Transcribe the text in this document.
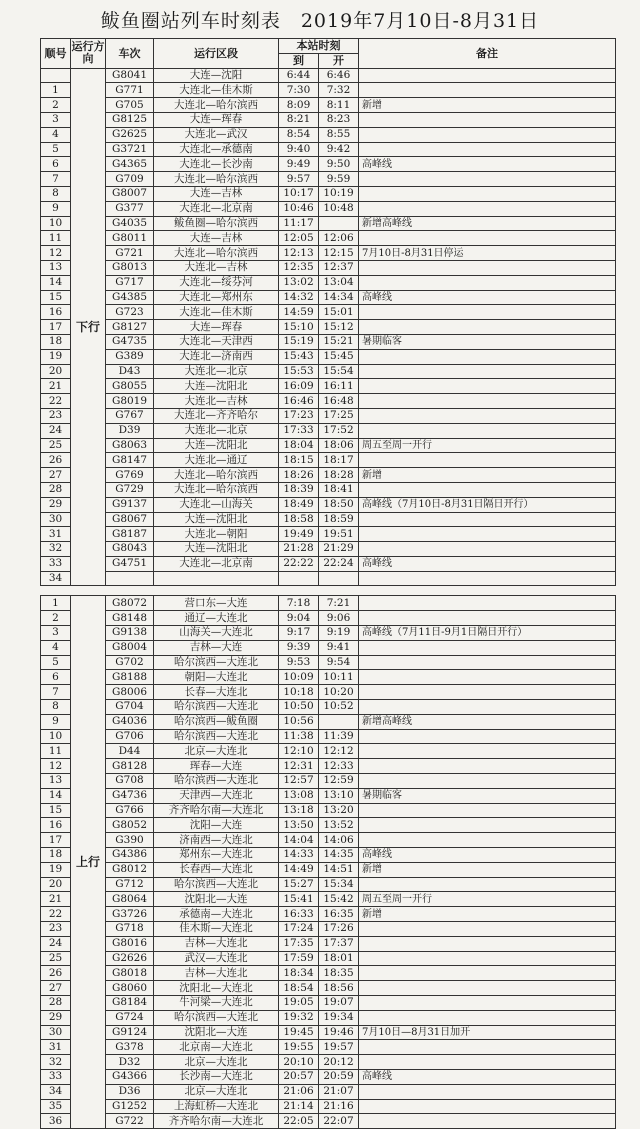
鲅鱼圈站列车时刻表　2019年7月10日-8月31日
顺号	运行方向	车次	运行区段	本站时刻		备注
				到	开	
	下行	G8041	大连—沈阳	6:44	6:46	
1		G771	大连北—佳木斯	7:30	7:32	
2		G705	大连北—哈尔滨西	8:09	8:11	新增
3		G8125	大连—珲春	8:21	8:23	
4		G2625	大连北—武汉	8:54	8:55	
5		G3721	大连北—承德南	9:40	9:42	
6		G4365	大连北—长沙南	9:49	9:50	高峰线
7		G709	大连北—哈尔滨西	9:57	9:59	
8		G8007	大连—吉林	10:17	10:19	
9		G377	大连北—北京南	10:46	10:48	
10		G4035	鲅鱼圈—哈尔滨西	11:17		新增高峰线
11		G8011	大连—吉林	12:05	12:06	
12		G721	大连北—哈尔滨西	12:13	12:15	7月10日-8月31日停运
13		G8013	大连北—吉林	12:35	12:37	
14		G717	大连北—绥芬河	13:02	13:04	
15		G4385	大连北—郑州东	14:32	14:34	高峰线
16		G723	大连北—佳木斯	14:59	15:01	
17		G8127	大连—珲春	15:10	15:12	
18		G4735	大连北—天津西	15:19	15:21	暑期临客
19		G389	大连北—济南西	15:43	15:45	
20		D43	大连北—北京	15:53	15:54	
21		G8055	大连—沈阳北	16:09	16:11	
22		G8019	大连北—吉林	16:46	16:48	
23		G767	大连北—齐齐哈尔	17:23	17:25	
24		D39	大连北—北京	17:33	17:52	
25		G8063	大连—沈阳北	18:04	18:06	周五至周一开行
26		G8147	大连北—通辽	18:15	18:17	
27		G769	大连北—哈尔滨西	18:26	18:28	新增
28		G729	大连北—哈尔滨西	18:39	18:41	
29		G9137	大连北—山海关	18:49	18:50	高峰线（7月10日-8月31日隔日开行）
30		G8067	大连—沈阳北	18:58	18:59	
31		G8187	大连北—朝阳	19:49	19:51	
32		G8043	大连—沈阳北	21:28	21:29	
33		G4751	大连北—北京南	22:22	22:24	高峰线
34						

1	上行	G8072	营口东—大连	7:18	7:21	
2		G8148	通辽—大连北	9:04	9:06	
3		G9138	山海关—大连北	9:17	9:19	高峰线（7月11日-9月1日隔日开行）
4		G8004	吉林—大连	9:39	9:41	
5		G702	哈尔滨西—大连北	9:53	9:54	
6		G8188	朝阳—大连北	10:09	10:11	
7		G8006	长春—大连北	10:18	10:20	
8		G704	哈尔滨西—大连北	10:50	10:52	
9		G4036	哈尔滨西—鲅鱼圈	10:56		新增高峰线
10		G706	哈尔滨西—大连北	11:38	11:39	
11		D44	北京—大连北	12:10	12:12	
12		G8128	珲春—大连	12:31	12:33	
13		G708	哈尔滨西—大连北	12:57	12:59	
14		G4736	天津西—大连北	13:08	13:10	暑期临客
15		G766	齐齐哈尔南—大连北	13:18	13:20	
16		G8052	沈阳—大连	13:50	13:52	
17		G390	济南西—大连北	14:04	14:06	
18		G4386	郑州东—大连北	14:33	14:35	高峰线
19		G8012	长春西—大连北	14:49	14:51	新增
20		G712	哈尔滨西—大连北	15:27	15:34	
21		G8064	沈阳北—大连	15:41	15:42	周五至周一开行
22		G3726	承德南—大连北	16:33	16:35	新增
23		G718	佳木斯—大连北	17:24	17:26	
24		G8016	吉林—大连北	17:35	17:37	
25		G2626	武汉—大连北	17:59	18:01	
26		G8018	吉林—大连北	18:34	18:35	
27		G8060	沈阳北—大连北	18:54	18:56	
28		G8184	牛河梁—大连北	19:05	19:07	
29		G724	哈尔滨西—大连北	19:32	19:34	
30		G9124	沈阳北—大连	19:45	19:46	7月10日—8月31日加开
31		G378	北京南—大连北	19:55	19:57	
32		D32	北京—大连北	20:10	20:12	
33		G4366	长沙南—大连北	20:57	20:59	高峰线
34		D36	北京—大连北	21:06	21:07	
35		G1252	上海虹桥—大连北	21:14	21:16	
36		G722	齐齐哈尔南—大连北	22:05	22:07	
